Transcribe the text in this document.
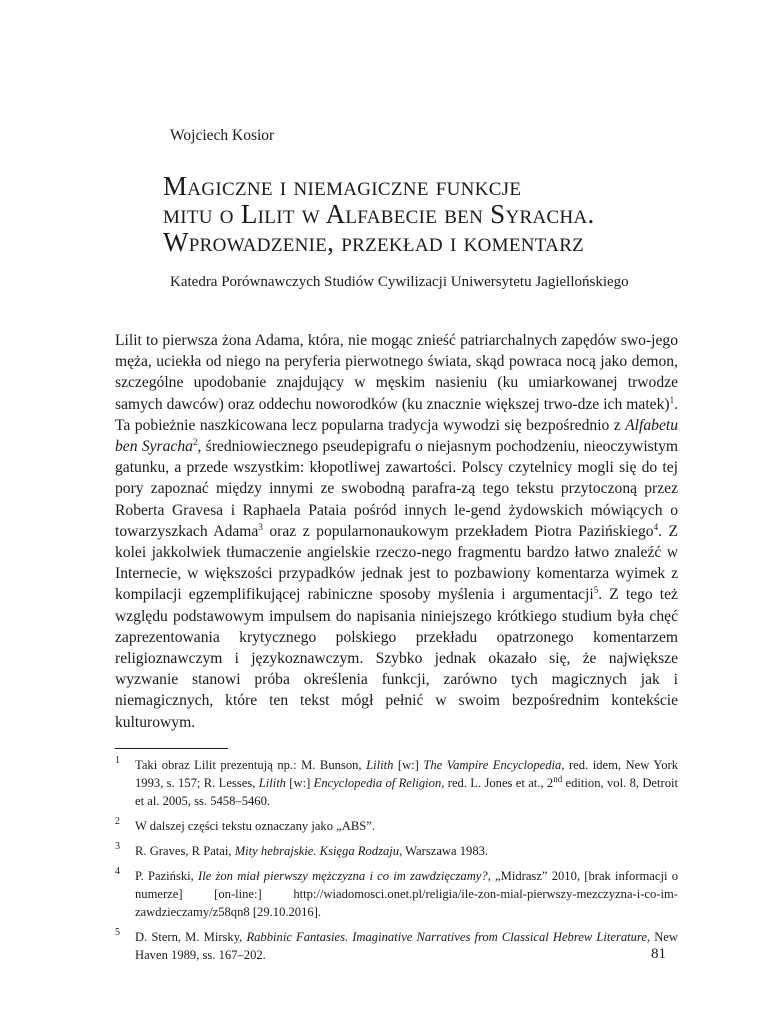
Wojciech Kosior
Magiczne i niemagiczne funkcje
mitu o Lilit w Alfabecie ben Syracha.
Wprowadzenie, przekład i komentarz
Katedra Porównawczych Studiów Cywilizacji Uniwersytetu Jagiellońskiego
Lilit to pierwsza żona Adama, która, nie mogąc znieść patriarchalnych zapędów swo-jego męża, uciekła od niego na peryferia pierwotnego świata, skąd powraca nocą jako demon, szczególne upodobanie znajdujący w męskim nasieniu (ku umiarkowanej trwodze samych dawców) oraz oddechu noworodków (ku znacznie większej trwo-dze ich matek)$^1$. Ta pobieżnie naszkicowana lecz popularna tradycja wywodzi się bezpośrednio z Alfabetu ben Syracha$^2$, średniowiecznego pseudepigrafu o niejasnym pochodzeniu, nieoczywistym gatunku, a przede wszystkim: kłopotliwej zawartości. Polscy czytelnicy mogli się do tej pory zapoznać między innymi ze swobodną parafra-zą tego tekstu przytoczoną przez Roberta Gravesa i Raphaela Pataia pośród innych le-gend żydowskich mówiących o towarzyszkach Adama$^3$ oraz z popularnonaukowym przekładem Piotra Pazińskiego$^4$. Z kolei jakkolwiek tłumaczenie angielskie rzeczo-nego fragmentu bardzo łatwo znaleźć w Internecie, w większości przypadków jednak jest to pozbawiony komentarza wyimek z kompilacji egzemplifikującej rabiniczne sposoby myślenia i argumentacji$^5$. Z tego też względu podstawowym impulsem do napisania niniejszego krótkiego studium była chęć zaprezentowania krytycznego polskiego przekładu opatrzonego komentarzem religioznawczym i językoznawczym. Szybko jednak okazało się, że największe wyzwanie stanowi próba określenia funkcji, zarówno tych magicznych jak i niemagicznych, które ten tekst mógł pełnić w swoim bezpośrednim kontekście kulturowym.
1 Taki obraz Lilit prezentują np.: M. Bunson, Lilith [w:] The Vampire Encyclopedia, red. idem, New York 1993, s. 157; R. Lesses, Lilith [w:] Encyclopedia of Religion, red. L. Jones et at., 2nd edition, vol. 8, Detroit et al. 2005, ss. 5458–5460.
2 W dalszej części tekstu oznaczany jako „ABS”.
3 R. Graves, R Patai, Mity hebrajskie. Księga Rodzaju, Warszawa 1983.
4 P. Paziński, Ile żon miał pierwszy mężczyzna i co im zawdzięczamy?, „Midrasz” 2010, [brak informacji o numerze] [on-line:] http://wiadomosci.onet.pl/religia/ile-zon-mial-pierwszy-mezczyzna-i-co-im-zawdzieczamy/z58qn8 [29.10.2016].
5 D. Stern, M. Mirsky, Rabbinic Fantasies. Imaginative Narratives from Classical Hebrew Literature, New Haven 1989, ss. 167–202.	81
